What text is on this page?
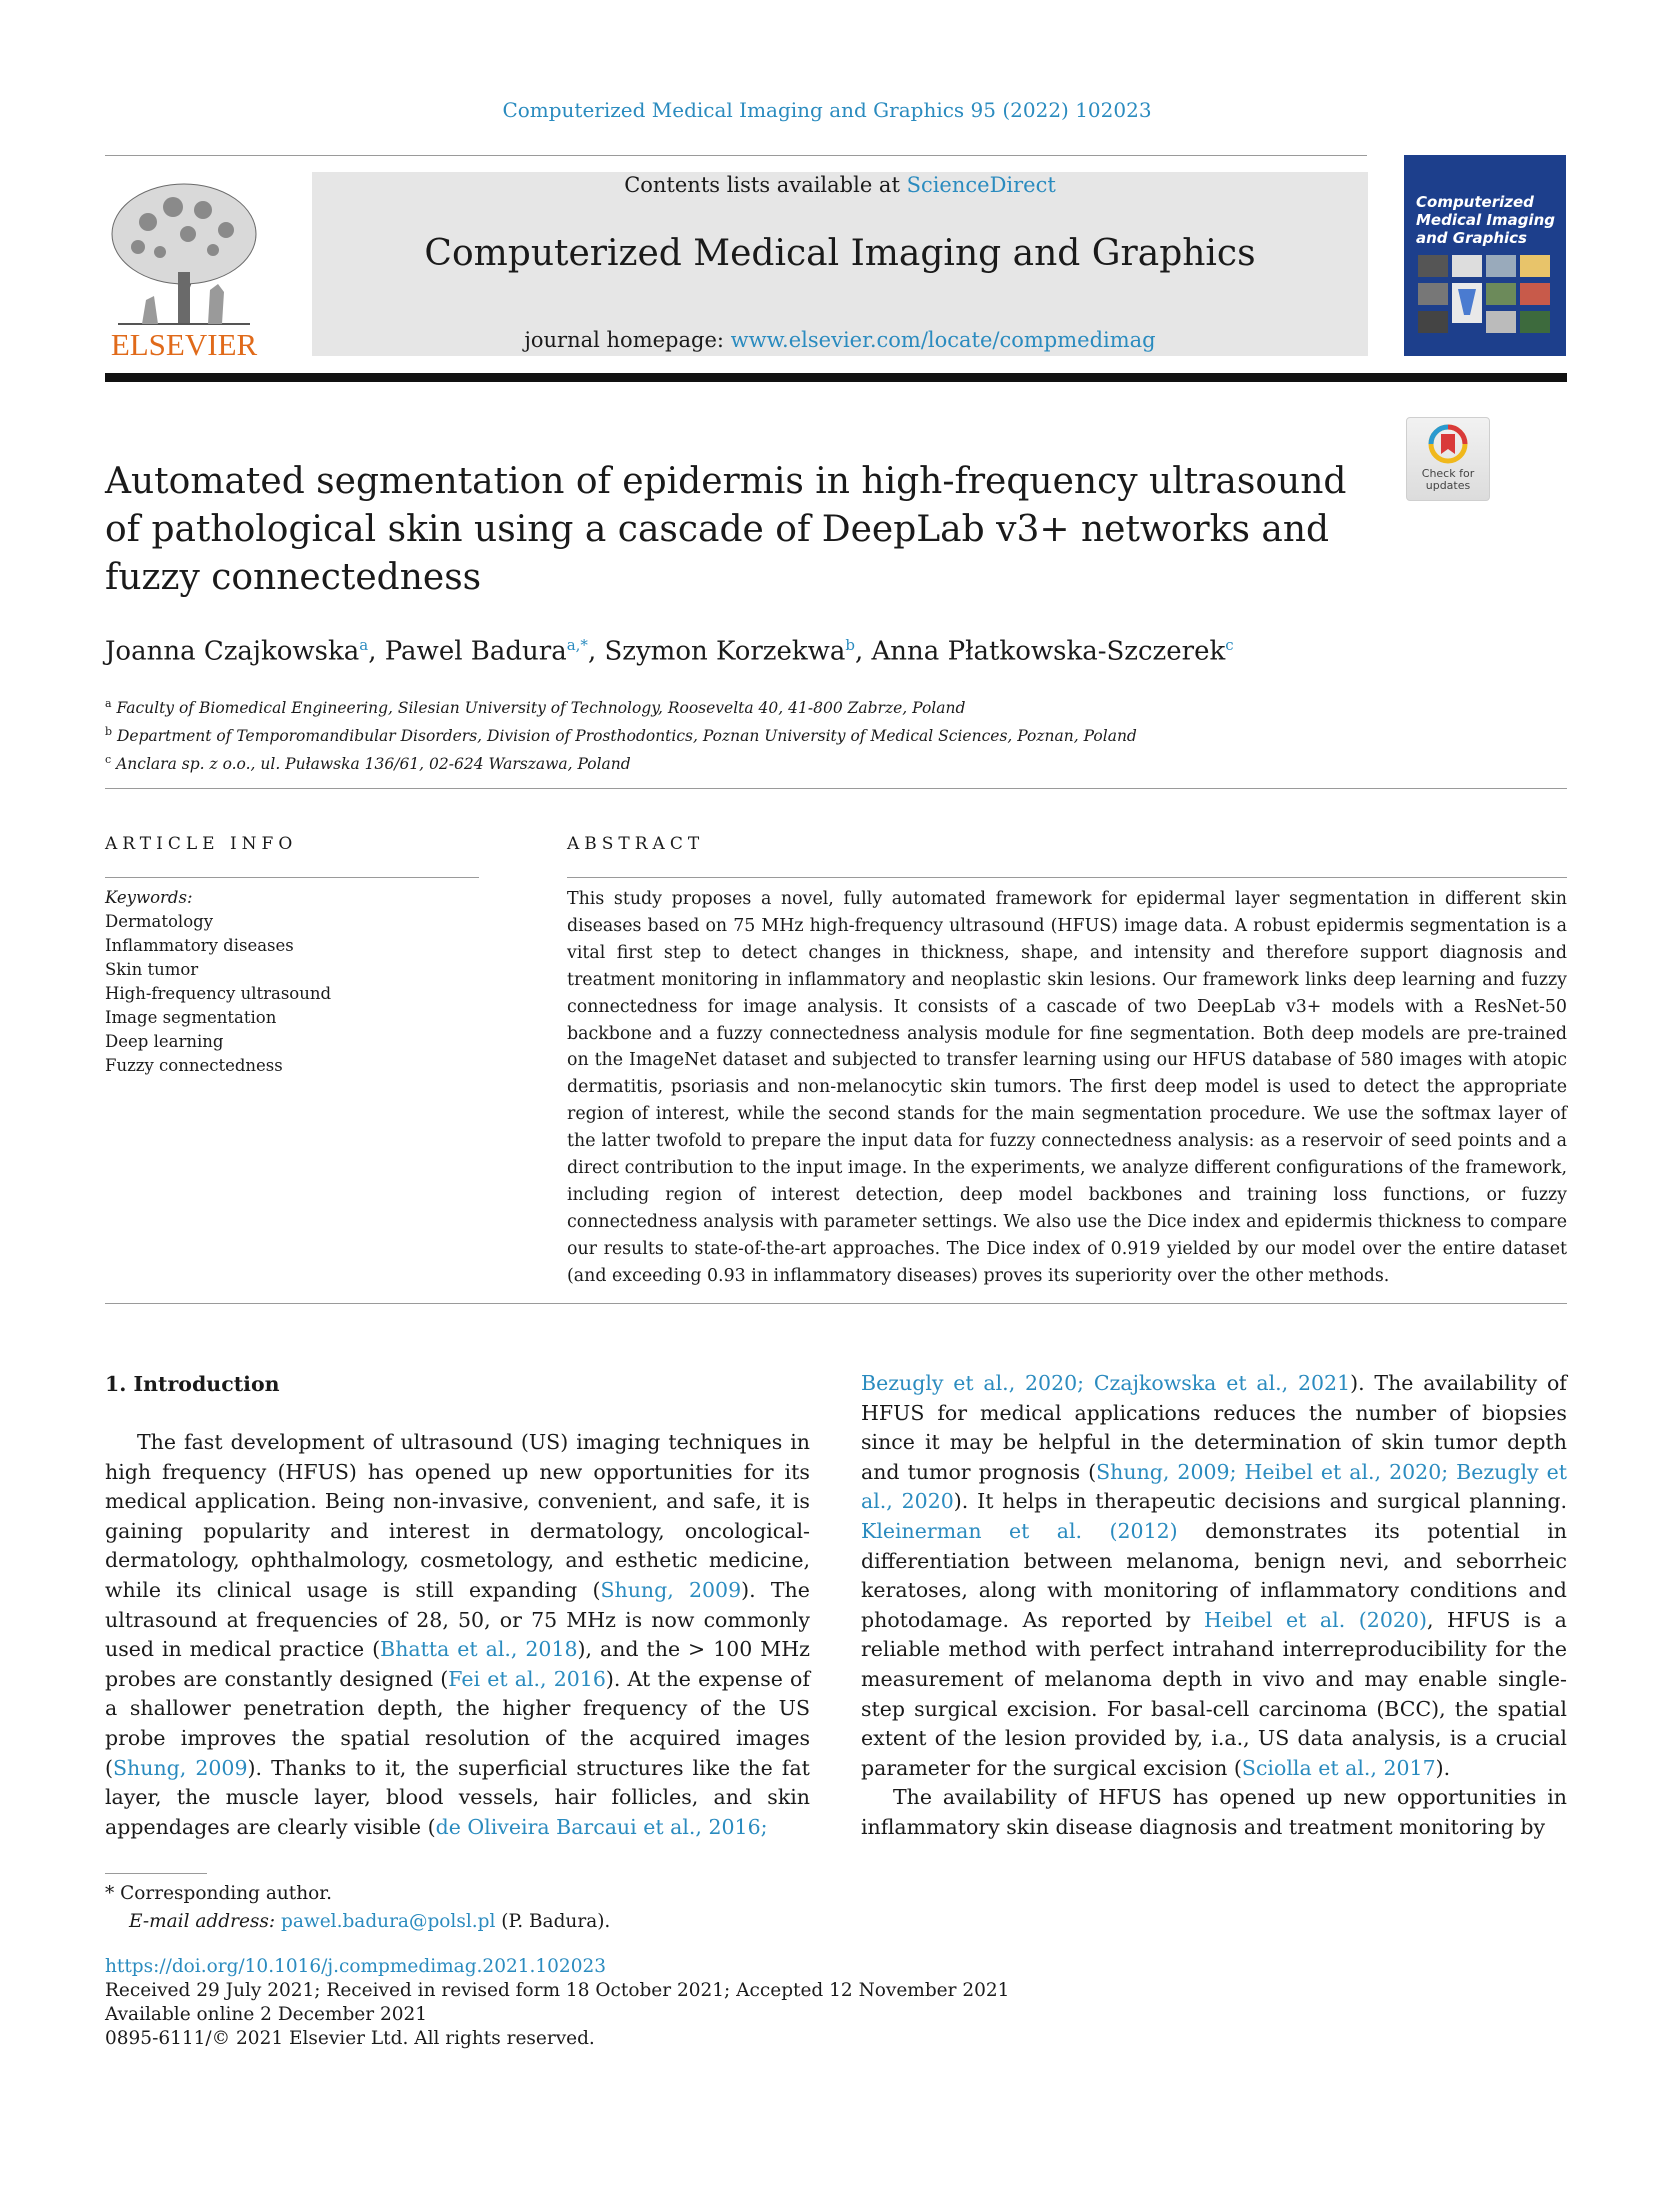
Computerized Medical Imaging and Graphics 95 (2022) 102023
ELSEVIER
Contents lists available at ScienceDirect
Computerized Medical Imaging and Graphics
journal homepage: www.elsevier.com/locate/compmedimag
Computerized
Medical Imaging
and Graphics
Check for
updates
Automated segmentation of epidermis in high-frequency ultrasound of pathological skin using a cascade of DeepLab v3+ networks and fuzzy connectedness
Joanna Czajkowska$^a$, Pawel Badura$^{a,*}$, Szymon Korzekwa$^b$, Anna Płatkowska-Szczerek$^c$
$^a$ Faculty of Biomedical Engineering, Silesian University of Technology, Roosevelta 40, 41-800 Zabrze, Poland
$^b$ Department of Temporomandibular Disorders, Division of Prosthodontics, Poznan University of Medical Sciences, Poznan, Poland
$^c$ Anclara sp. z o.o., ul. Puławska 136/61, 02-624 Warszawa, Poland
ARTICLE INFO	ABSTRACT
Keywords:
Dermatology
Inflammatory diseases
Skin tumor
High-frequency ultrasound
Image segmentation
Deep learning
Fuzzy connectedness
This study proposes a novel, fully automated framework for epidermal layer segmentation in different skin diseases based on 75 MHz high-frequency ultrasound (HFUS) image data. A robust epidermis segmentation is a vital first step to detect changes in thickness, shape, and intensity and therefore support diagnosis and treatment monitoring in inflammatory and neoplastic skin lesions. Our framework links deep learning and fuzzy connectedness for image analysis. It consists of a cascade of two DeepLab v3+ models with a ResNet-50 backbone and a fuzzy connectedness analysis module for fine segmentation. Both deep models are pre-trained on the ImageNet dataset and subjected to transfer learning using our HFUS database of 580 images with atopic dermatitis, psoriasis and non-melanocytic skin tumors. The first deep model is used to detect the appropriate region of interest, while the second stands for the main segmentation procedure. We use the softmax layer of the latter twofold to prepare the input data for fuzzy connectedness analysis: as a reservoir of seed points and a direct contribution to the input image. In the experiments, we analyze different configurations of the framework, including region of interest detection, deep model backbones and training loss functions, or fuzzy connectedness analysis with parameter settings. We also use the Dice index and epidermis thickness to compare our results to state-of-the-art approaches. The Dice index of 0.919 yielded by our model over the entire dataset (and exceeding 0.93 in inflammatory diseases) proves its superiority over the other methods.
1. Introduction

The fast development of ultrasound (US) imaging techniques in high frequency (HFUS) has opened up new opportunities for its medical application. Being non-invasive, convenient, and safe, it is gaining popularity and interest in dermatology, oncological-dermatology, ophthalmology, cosmetology, and esthetic medicine, while its clinical usage is still expanding (Shung, 2009). The ultrasound at frequencies of 28, 50, or 75 MHz is now commonly used in medical practice (Bhatta et al., 2018), and the > 100 MHz probes are constantly designed (Fei et al., 2016). At the expense of a shallower penetration depth, the higher frequency of the US probe improves the spatial resolution of the acquired images (Shung, 2009). Thanks to it, the superficial structures like the fat layer, the muscle layer, blood vessels, hair follicles, and skin appendages are clearly visible (de Oliveira Barcaui et al., 2016;

Bezugly et al., 2020; Czajkowska et al., 2021). The availability of HFUS for medical applications reduces the number of biopsies since it may be helpful in the determination of skin tumor depth and tumor prognosis (Shung, 2009; Heibel et al., 2020; Bezugly et al., 2020). It helps in therapeutic decisions and surgical planning. Kleinerman et al. (2012) demonstrates its potential in differentiation between melanoma, benign nevi, and seborrheic keratoses, along with monitoring of inflammatory conditions and photodamage. As reported by Heibel et al. (2020), HFUS is a reliable method with perfect intrahand interreproducibility for the measurement of melanoma depth in vivo and may enable single-step surgical excision. For basal-cell carcinoma (BCC), the spatial extent of the lesion provided by, i.a., US data analysis, is a crucial parameter for the surgical excision (Sciolla et al., 2017).

The availability of HFUS has opened up new opportunities in inflammatory skin disease diagnosis and treatment monitoring by

* Corresponding author.
E-mail address: pawel.badura@polsl.pl (P. Badura).
https://doi.org/10.1016/j.compmedimag.2021.102023
Received 29 July 2021; Received in revised form 18 October 2021; Accepted 12 November 2021
Available online 2 December 2021
0895-6111/© 2021 Elsevier Ltd. All rights reserved.
